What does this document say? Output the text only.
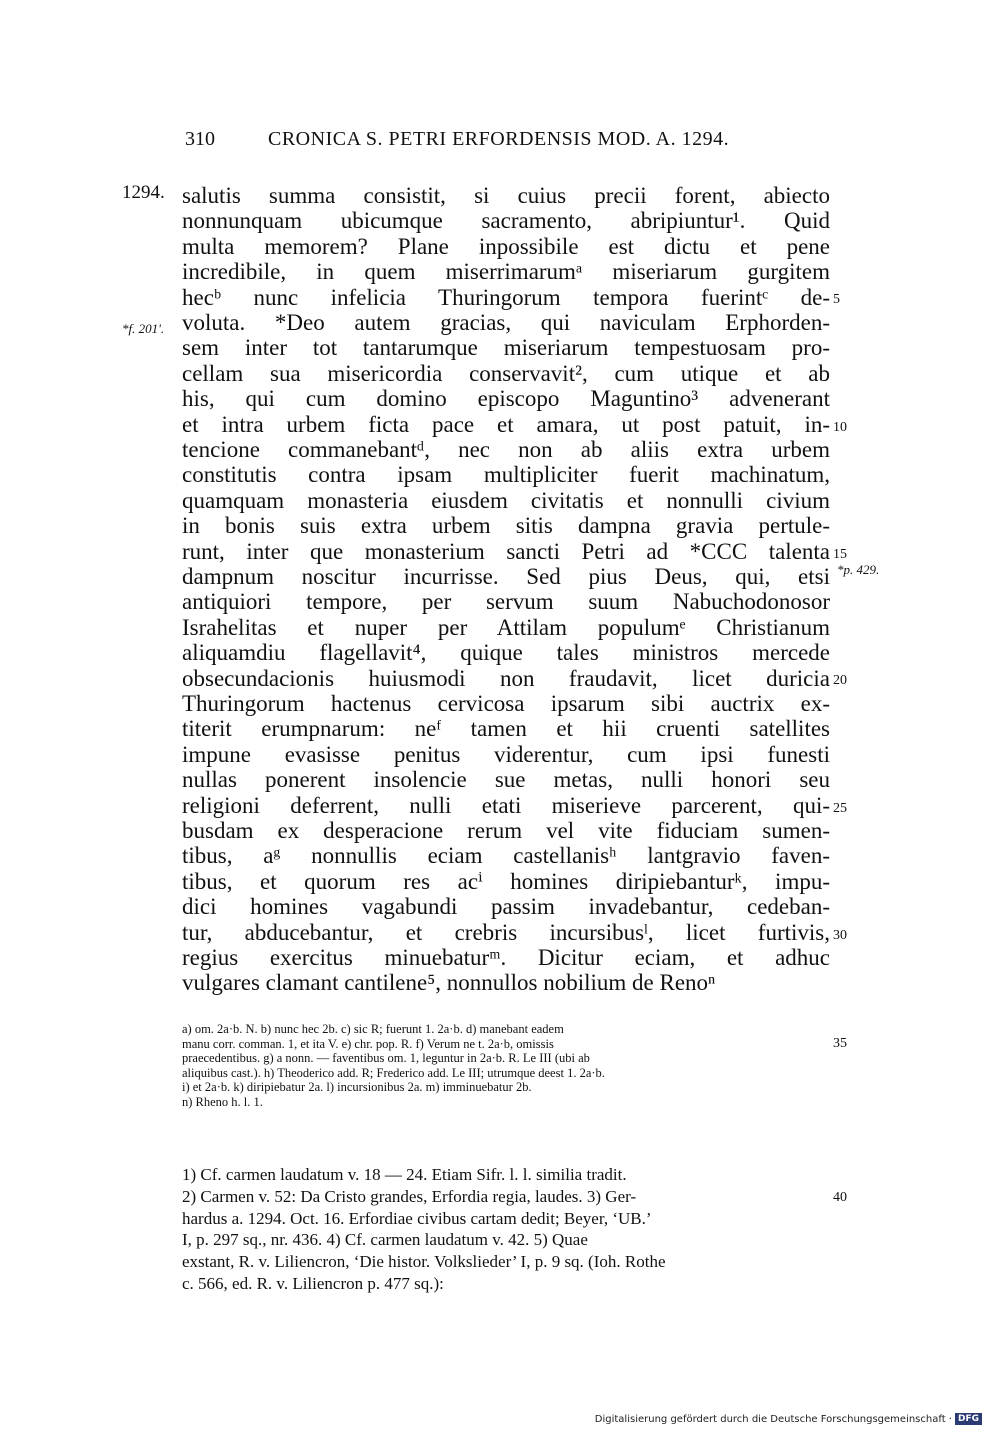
310	CRONICA S. PETRI ERFORDENSIS MOD. A. 1294.
1294.
*f. 201'.
*p. 429.
salutis summa consistit, si cuius precii forent, abiecto
nonnunquam ubicumque sacramento, abripiuntur¹. Quid
multa memorem? Plane inpossibile est dictu et pene
incredibile, in quem miserrimarumᵃ miseriarum gurgitem
hecᵇ nunc infelicia Thuringorum tempora fuerintᶜ de-
voluta. *Deo autem gracias, qui naviculam Erphorden-
sem inter tot tantarumque miseriarum tempestuosam pro-
cellam sua misericordia conservavit², cum utique et ab
his, qui cum domino episcopo Maguntino³ advenerant
et intra urbem ficta pace et amara, ut post patuit, in-
tencione commanebantᵈ, nec non ab aliis extra urbem
constitutis contra ipsam multipliciter fuerit machinatum,
quamquam monasteria eiusdem civitatis et nonnulli civium
in bonis suis extra urbem sitis dampna gravia pertule-
runt, inter que monasterium sancti Petri ad *CCC talenta
dampnum noscitur incurrisse. Sed pius Deus, qui, etsi
antiquiori tempore, per servum suum Nabuchodonosor
Israhelitas et nuper per Attilam populumᵉ Christianum
aliquamdiu flagellavit⁴, quique tales ministros mercede
obsecundacionis huiusmodi non fraudavit, licet duricia
Thuringorum hactenus cervicosa ipsarum sibi auctrix ex-
titerit erumpnarum: neᶠ tamen et hii cruenti satellites
impune evasisse penitus viderentur, cum ipsi funesti
nullas ponerent insolencie sue metas, nulli honori seu
religioni deferrent, nulli etati miserieve parcerent, qui-
busdam ex desperacione rerum vel vite fiduciam sumen-
tibus, aᵍ nonnullis eciam castellanisʰ lantgravio faven-
tibus, et quorum res acⁱ homines diripiebanturᵏ, impu-
dici homines vagabundi passim invadebantur, cedeban-
tur, abducebantur, et crebris incursibusˡ, licet furtivis,
regius exercitus minuebaturᵐ. Dicitur eciam, et adhuc
vulgares clamant cantilene⁵, nonnullos nobilium de Renoⁿ
5
10
15
20
25
30
a) om. 2a·b. N. b) nunc hec 2b. c) sic R; fuerunt 1. 2a·b. d) manebant eadem
manu corr. comman. 1, et ita V. e) chr. pop. R. f) Verum ne t. 2a·b, omissis
praecedentibus. g) a nonn. — faventibus om. 1, leguntur in 2a·b. R. Le III (ubi ab
aliquibus cast.). h) Theoderico add. R; Frederico add. Le III; utrumque deest 1. 2a·b.
i) et 2a·b. k) diripiebatur 2a. l) incursionibus 2a. m) imminuebatur 2b.
n) Rheno h. l. 1.
35
1) Cf. carmen laudatum v. 18 — 24. Etiam Sifr. l. l. similia tradit.
2) Carmen v. 52: Da Cristo grandes, Erfordia regia, laudes. 3) Ger-
hardus a. 1294. Oct. 16. Erfordiae civibus cartam dedit; Beyer, ‘UB.’
I, p. 297 sq., nr. 436. 4) Cf. carmen laudatum v. 42. 5) Quae
exstant, R. v. Liliencron, ‘Die histor. Volkslieder’ I, p. 9 sq. (Ioh. Rothe
c. 566, ed. R. v. Liliencron p. 477 sq.):
40
Digitalisierung gefördert durch die Deutsche Forschungsgemeinschaft · DFG
